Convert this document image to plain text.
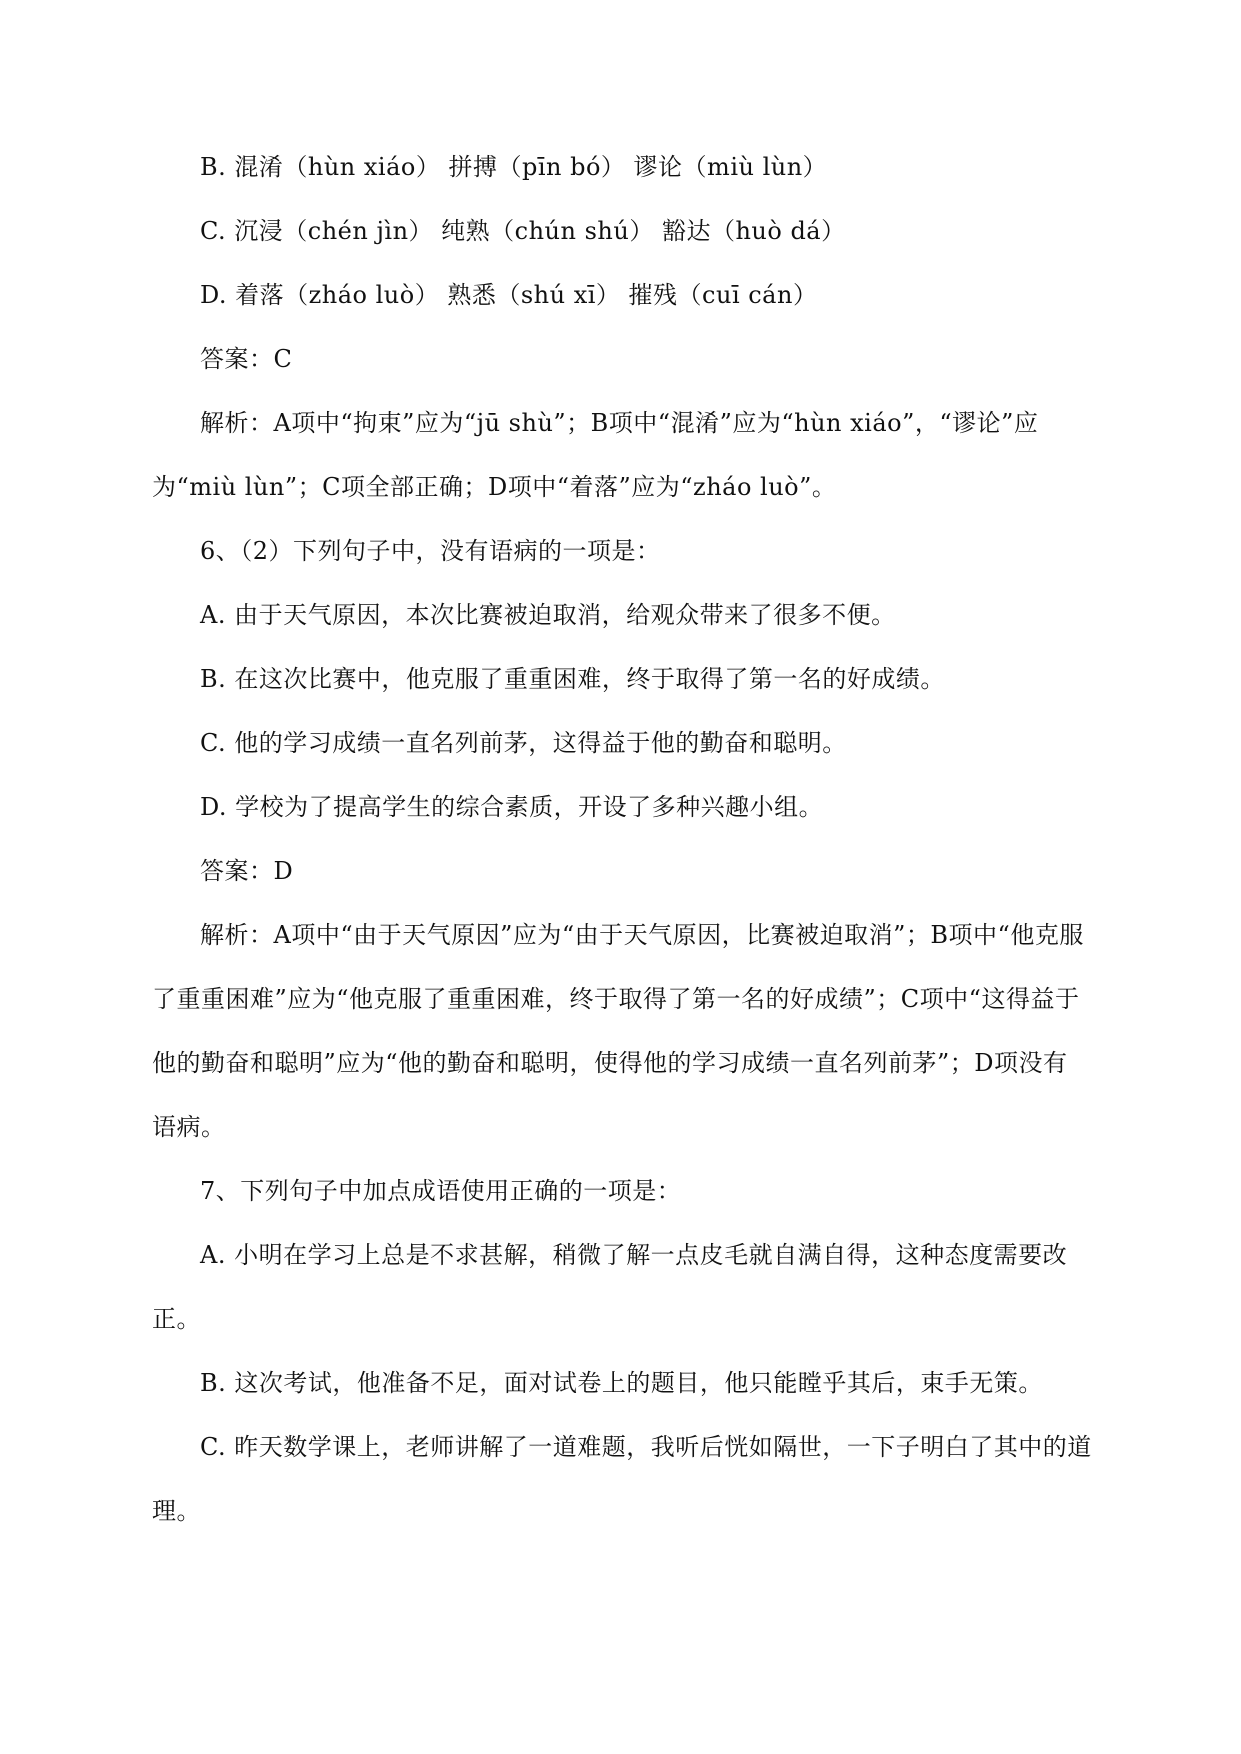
B. 混淆（hùn xiáo） 拼搏（pīn bó） 谬论（miù lùn）

C. 沉浸（chén jìn） 纯熟（chún shú） 豁达（huò dá）

D. 着落（zháo luò） 熟悉（shú xī） 摧残（cuī cán）

答案：C

解析：A项中“拘束”应为“jū shù”；B项中“混淆”应为“hùn xiáo”，“谬论”应为“miù lùn”；C项全部正确；D项中“着落”应为“zháo luò”。

6、（2）下列句子中，没有语病的一项是：

A. 由于天气原因，本次比赛被迫取消，给观众带来了很多不便。

B. 在这次比赛中，他克服了重重困难，终于取得了第一名的好成绩。

C. 他的学习成绩一直名列前茅，这得益于他的勤奋和聪明。

D. 学校为了提高学生的综合素质，开设了多种兴趣小组。

答案：D

解析：A项中“由于天气原因”应为“由于天气原因，比赛被迫取消”；B项中“他克服了重重困难”应为“他克服了重重困难，终于取得了第一名的好成绩”；C项中“这得益于他的勤奋和聪明”应为“他的勤奋和聪明，使得他的学习成绩一直名列前茅”；D项没有语病。

7、下列句子中加点成语使用正确的一项是：

A. 小明在学习上总是不求甚解，稍微了解一点皮毛就自满自得，这种态度需要改正。

B. 这次考试，他准备不足，面对试卷上的题目，他只能瞠乎其后，束手无策。

C. 昨天数学课上，老师讲解了一道难题，我听后恍如隔世，一下子明白了其中的道理。
